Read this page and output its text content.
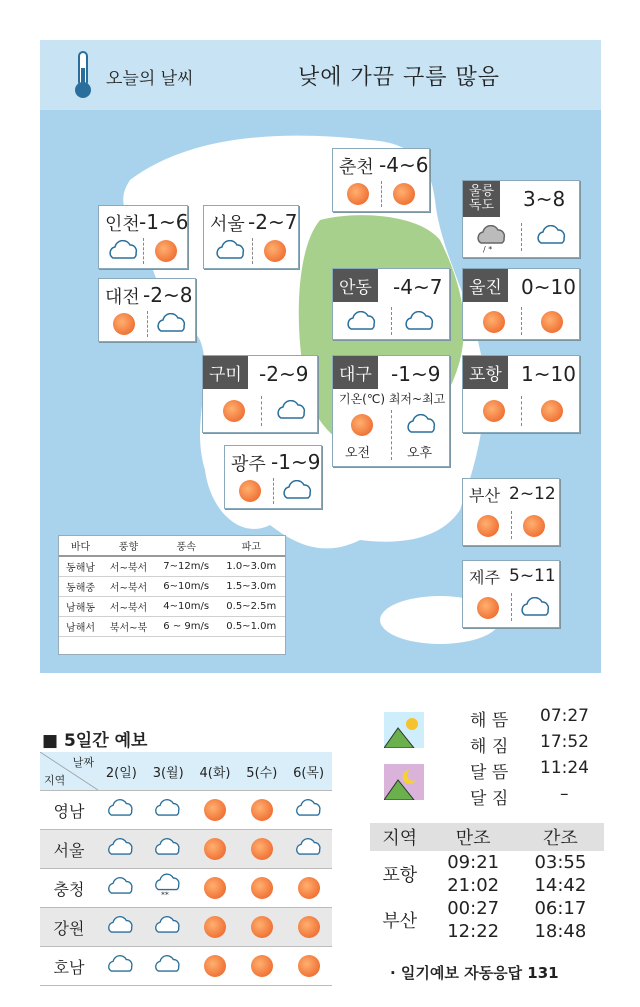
오늘의 날씨	낮에 가끔 구름 많음
인천 -1~6 서울 -2~7
춘천 -4~6
울릉
독도	3~8
/ *
대전 -2~8	안동	-4~7	울진 0~10
구미 -2~9	대구 -1~9
기온(℃) 최저~최고
오전	오후
포항 1~10
광주 -1~9
부산 2~12
제주 5~11
바다	풍향	풍속	파고
동해남	서~북서	7~12m/s	1.0~3.0m
동해중	서~북서	6~10m/s	1.5~3.0m
남해동	서~북서	4~10m/s	0.5~2.5m
남해서	북서~북	6 ~ 9m/s	0.5~1.0m
■ 5일간 예보
날짜
지역	2(일)	3(월)	4(화)	5(수)	6(목)
영남			

서울			

충청		**			

강원			

호남			

해 뜸 07:27
해 짐 17:52
달 뜸 11:24
달 짐	–
지역	만조	간조
포항	09:21	03:55
	21:02	14:42
부산	00:27	06:17
	12:22	18:48
· 일기예보 자동응답 131
